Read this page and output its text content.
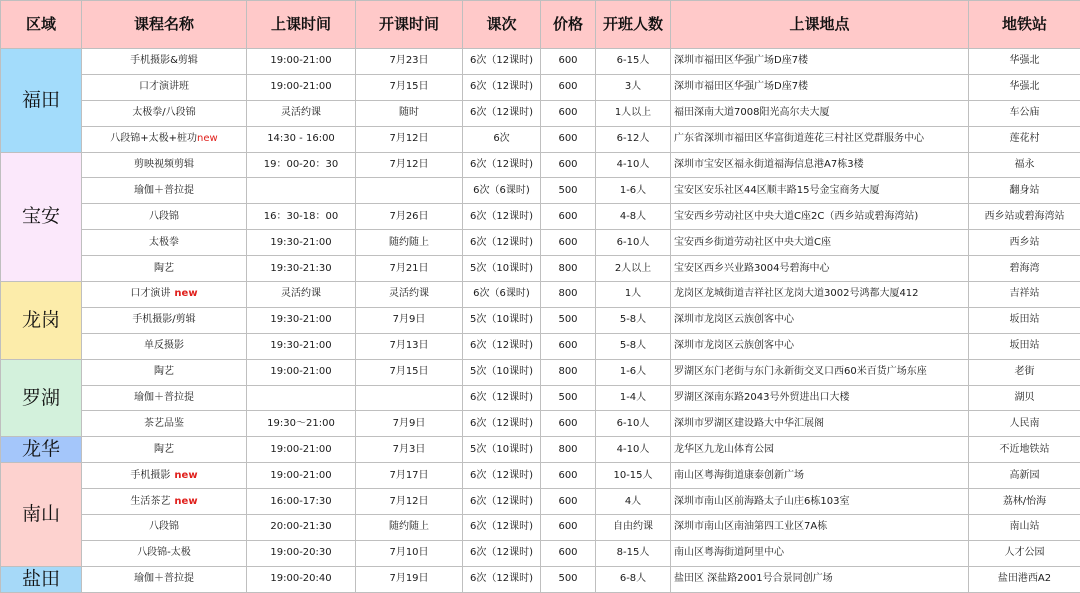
区域	课程名称	上课时间	开课时间	课次	价格	开班人数	上课地点	地铁站
福田	手机摄影&剪辑	19:00-21:00	7月23日	6次（12课时)	600	6-15人	深圳市福田区华强广场D座7楼	华强北
	口才演讲班	19:00-21:00	7月15日	6次（12课时)	600	3人	深圳市福田区华强广场D座7楼	华强北
	太极拳/八段锦	灵活约课	随时	6次（12课时)	600	1人以上	福田深南大道7008阳光高尔夫大厦	车公庙
	八段锦+太极+桩功new	14:30 - 16:00	7月12日	6次	600	6-12人	广东省深圳市福田区华富街道莲花三村社区党群服务中心	莲花村
宝安	剪映视频剪辑	19：00-20：30	7月12日	6次（12课时)	600	4-10人	深圳市宝安区福永街道福海信息港A7栋3楼	福永
	瑜伽＋普拉提			6次（6课时)	500	1-6人	宝安区安乐社区44区顺丰路15号金宝商务大厦	翻身站
	八段锦	16：30-18：00	7月26日	6次（12课时)	600	4-8人	宝安西乡劳动社区中央大道C座2C（西乡站或碧海湾站)	西乡站或碧海湾站
	太极拳	19:30-21:00	随约随上	6次（12课时)	600	6-10人	宝安西乡街道劳动社区中央大道C座	西乡站
	陶艺	19:30-21:30	7月21日	5次（10课时)	800	2人以上	宝安区西乡兴业路3004号碧海中心	碧海湾
龙岗	口才演讲 new	灵活约课	灵活约课	6次（6课时)	800	1人	龙岗区龙城街道吉祥社区龙岗大道3002号鸿都大厦412	吉祥站
	手机摄影/剪辑	19:30-21:00	7月9日	5次（10课时)	500	5-8人	深圳市龙岗区云族创客中心	坂田站
	单反摄影	19:30-21:00	7月13日	6次（12课时)	600	5-8人	深圳市龙岗区云族创客中心	坂田站
罗湖	陶艺	19:00-21:00	7月15日	5次（10课时)	800	1-6人	罗湖区东门老街与东门永新街交叉口西60米百货广场东座	老街
	瑜伽＋普拉提			6次（12课时)	500	1-4人	罗湖区深南东路2043号外贸进出口大楼	湖贝
	茶艺品鉴	19:30～21:00	7月9日	6次（12课时)	600	6-10人	深圳市罗湖区建设路大中华汇展阁	人民南
龙华	陶艺	19:00-21:00	7月3日	5次（10课时)	800	4-10人	龙华区九龙山体育公园	不近地铁站
南山	手机摄影 new	19:00-21:00	7月17日	6次（12课时)	600	10-15人	南山区粤海街道康泰创新广场	高新园
	生活茶艺 new	16:00-17:30	7月12日	6次（12课时)	600	4人	深圳市南山区前海路太子山庄6栋103室	荔林/怡海
	八段锦	20:00-21:30	随约随上	6次（12课时)	600	自由约课	深圳市南山区南油第四工业区7A栋	南山站
	八段锦-太极	19:00-20:30	7月10日	6次（12课时)	600	8-15人	南山区粤海街道阿里中心	人才公园
盐田	瑜伽＋普拉提	19:00-20:40	7月19日	6次（12课时)	500	6-8人	盐田区 深盐路2001号合景同创广场	盐田港西A2
